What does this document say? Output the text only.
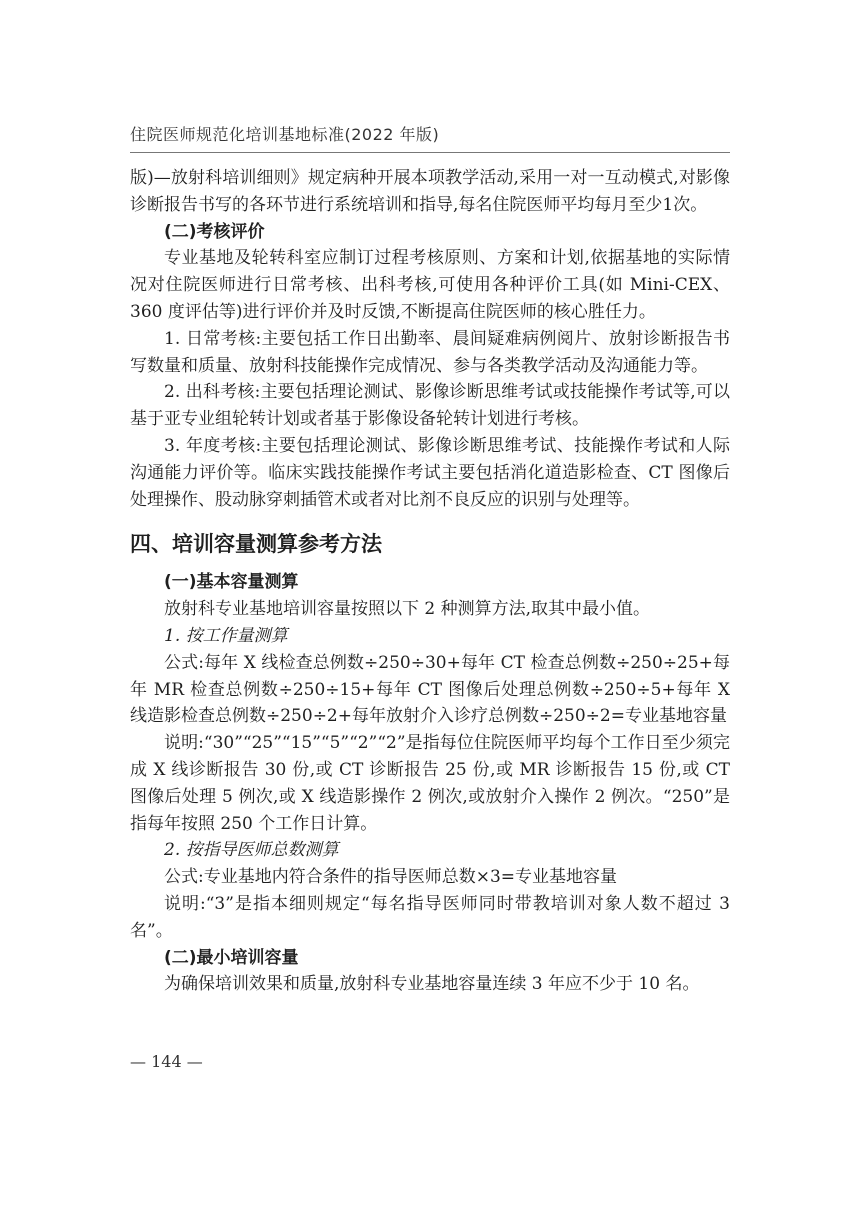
住院医师规范化培训基地标准(2022 年版)

版)—放射科培训细则》规定病种开展本项教学活动,采用一对一互动模式,对影像诊断报告书写的各环节进行系统培训和指导,每名住院医师平均每月至少1次。

(二)考核评价

专业基地及轮转科室应制订过程考核原则、方案和计划,依据基地的实际情况对住院医师进行日常考核、出科考核,可使用各种评价工具(如 Mini-CEX、360 度评估等)进行评价并及时反馈,不断提高住院医师的核心胜任力。

1. 日常考核:主要包括工作日出勤率、晨间疑难病例阅片、放射诊断报告书写数量和质量、放射科技能操作完成情况、参与各类教学活动及沟通能力等。

2. 出科考核:主要包括理论测试、影像诊断思维考试或技能操作考试等,可以基于亚专业组轮转计划或者基于影像设备轮转计划进行考核。

3. 年度考核:主要包括理论测试、影像诊断思维考试、技能操作考试和人际沟通能力评价等。临床实践技能操作考试主要包括消化道造影检查、CT 图像后处理操作、股动脉穿刺插管术或者对比剂不良反应的识别与处理等。

四、培训容量测算参考方法
(一)基本容量测算

放射科专业基地培训容量按照以下 2 种测算方法,取其中最小值。

1. 按工作量测算

公式:每年 X 线检查总例数÷250÷30+每年 CT 检查总例数÷250÷25+每年 MR 检查总例数÷250÷15+每年 CT 图像后处理总例数÷250÷5+每年 X 线造影检查总例数÷250÷2+每年放射介入诊疗总例数÷250÷2=专业基地容量

说明:“30”“25”“15”“5”“2”“2”是指每位住院医师平均每个工作日至少须完成 X 线诊断报告 30 份,或 CT 诊断报告 25 份,或 MR 诊断报告 15 份,或 CT 图像后处理 5 例次,或 X 线造影操作 2 例次,或放射介入操作 2 例次。“250”是指每年按照 250 个工作日计算。

2. 按指导医师总数测算

公式:专业基地内符合条件的指导医师总数×3=专业基地容量

说明:“3”是指本细则规定“每名指导医师同时带教培训对象人数不超过 3 名”。

(二)最小培训容量

为确保培训效果和质量,放射科专业基地容量连续 3 年应不少于 10 名。

— 144 —
